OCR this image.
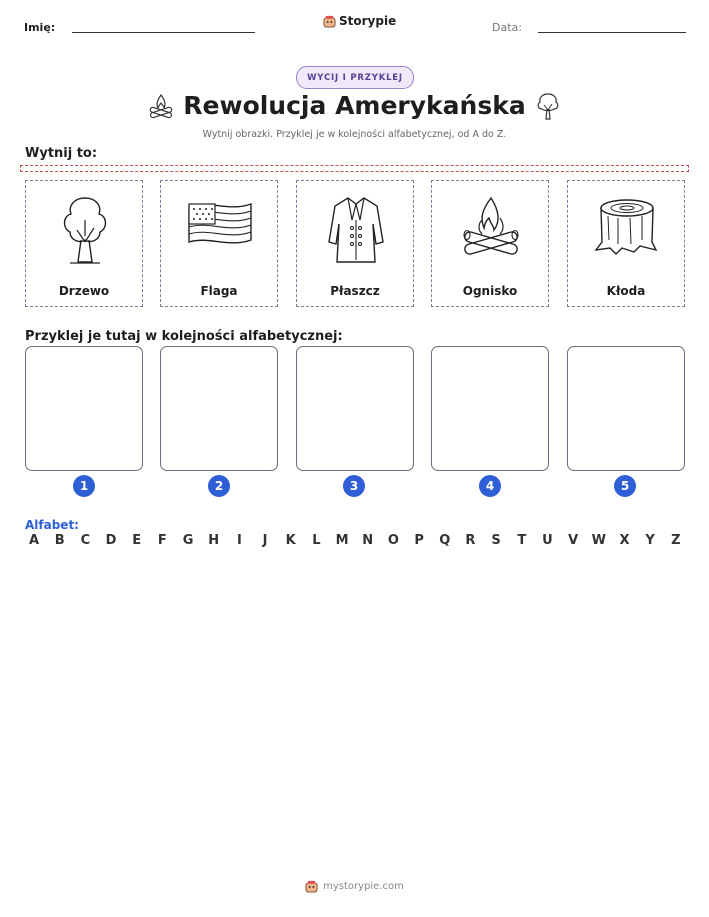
Imię:	Storypie	Data:
WYCIJ I PRZYKLEJ
Rewolucja Amerykańska
Wytnij obrazki. Przyklej je w kolejności alfabetycznej, od A do Z.
Wytnij to:
Drzewo	Flaga	Płaszcz	Ognisko	Kłoda
Przyklej je tutaj w kolejności alfabetycznej:
1	2	3	4	5
Alfabet:
A	B	C	D	E	F	G H	I	J	K	L	M N O	P	Q	R	S	T	U	V	W	X	Y	Z
mystorypie.com
